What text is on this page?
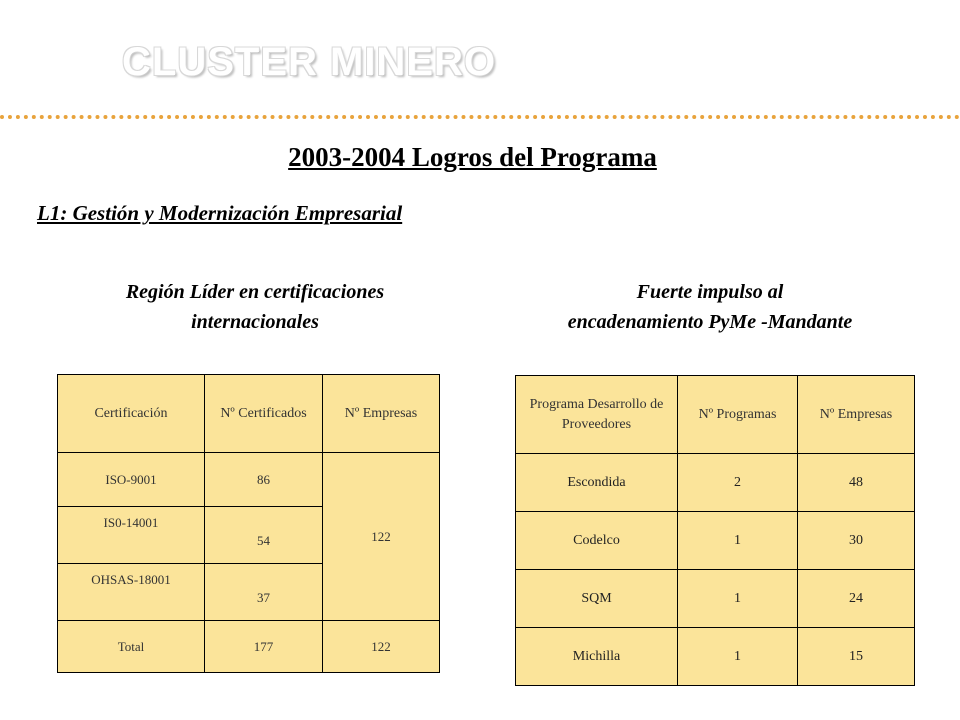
CLUSTER MINERO
2003-2004 Logros del Programa
L1: Gestión y Modernización Empresarial
Región Líder en certificaciones
internacionales
Fuerte impulso al
encadenamiento PyMe -Mandante
Certificación	Nº Certificados	Nº Empresas
ISO-9001	86	122
IS0-14001	54	
OHSAS-18001	37	
Total	177	122
Programa Desarrollo de Proveedores	Nº Programas	Nº Empresas
Escondida	2	48
Codelco	1	30
SQM	1	24
Michilla	1	15
